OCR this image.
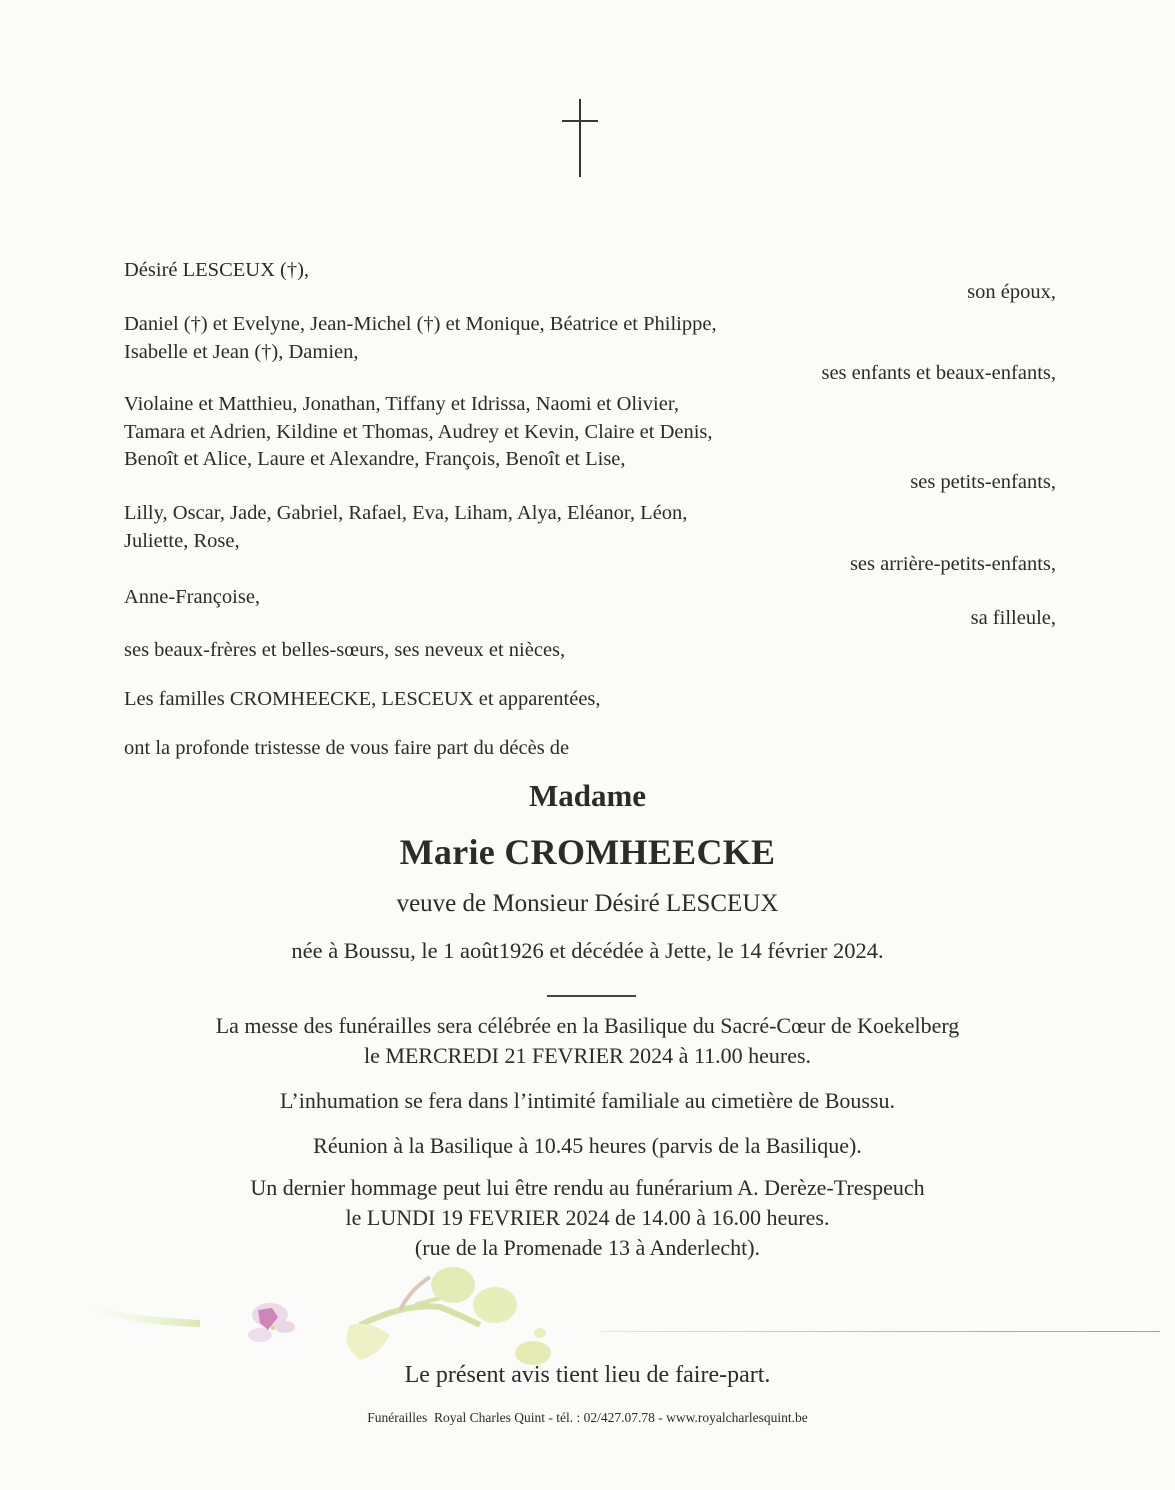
Désiré LESCEUX (†),
son époux,
Daniel (†) et Evelyne, Jean-Michel (†) et Monique, Béatrice et Philippe,
Isabelle et Jean (†), Damien,
ses enfants et beaux-enfants,
Violaine et Matthieu, Jonathan, Tiffany et Idrissa, Naomi et Olivier,
Tamara et Adrien, Kildine et Thomas, Audrey et Kevin, Claire et Denis,
Benoît et Alice, Laure et Alexandre, François, Benoît et Lise,
ses petits-enfants,
Lilly, Oscar, Jade, Gabriel, Rafael, Eva, Liham, Alya, Eléanor, Léon,
Juliette, Rose,
ses arrière-petits-enfants,
Anne-Françoise,
sa filleule,
ses beaux-frères et belles-sœurs, ses neveux et nièces,
Les familles CROMHEECKE, LESCEUX et apparentées,
ont la profonde tristesse de vous faire part du décès de
Madame
Marie CROMHEECKE
veuve de Monsieur Désiré LESCEUX
née à Boussu, le 1 août1926 et décédée à Jette, le 14 février 2024.
La messe des funérailles sera célébrée en la Basilique du Sacré-Cœur de Koekelberg
le MERCREDI 21 FEVRIER 2024 à 11.00 heures.
L’inhumation se fera dans l’intimité familiale au cimetière de Boussu.
Réunion à la Basilique à 10.45 heures (parvis de la Basilique).
Un dernier hommage peut lui être rendu au funérarium A. Derèze-Trespeuch
le LUNDI 19 FEVRIER 2024 de 14.00 à 16.00 heures.
(rue de la Promenade 13 à Anderlecht).
Le présent avis tient lieu de faire-part.
Funérailles  Royal Charles Quint - tél. : 02/427.07.78 - www.royalcharlesquint.be
